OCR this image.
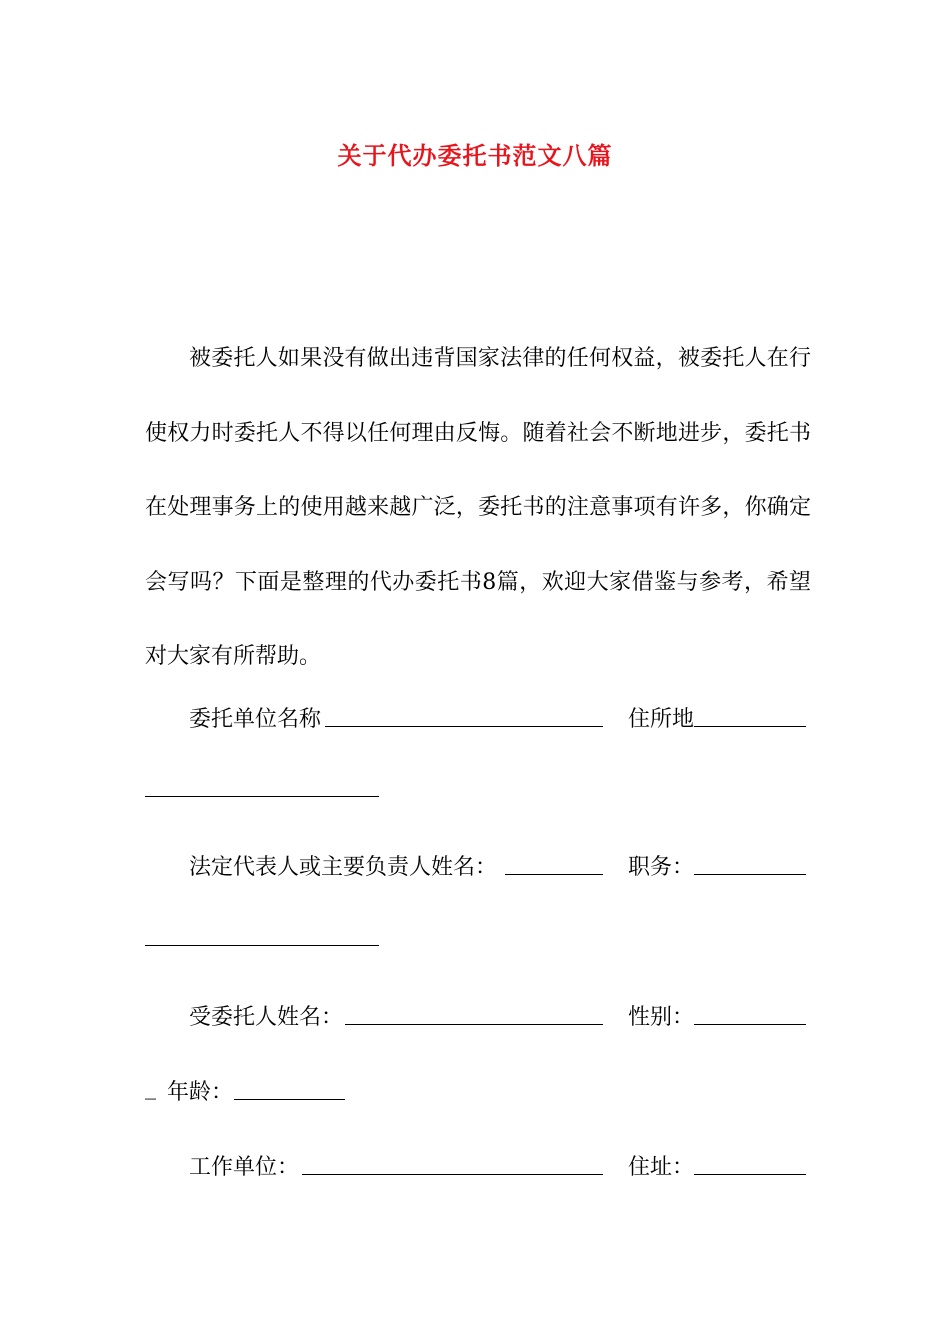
关于代办委托书范文八篇

被委托人如果没有做出违背国家法律的任何权益，被委托人在行使权力时委托人不得以任何理由反悔。随着社会不断地进步，委托书在处理事务上的使用越来越广泛，委托书的注意事项有许多，你确定会写吗？下面是整理的代办委托书8篇，欢迎大家借鉴与参考，希望对大家有所帮助。

委托单位名称	住所地
法定代表人或主要负责人姓名：	职务：
受委托人姓名：	性别：
_ 年龄：
工作单位：	住址：
